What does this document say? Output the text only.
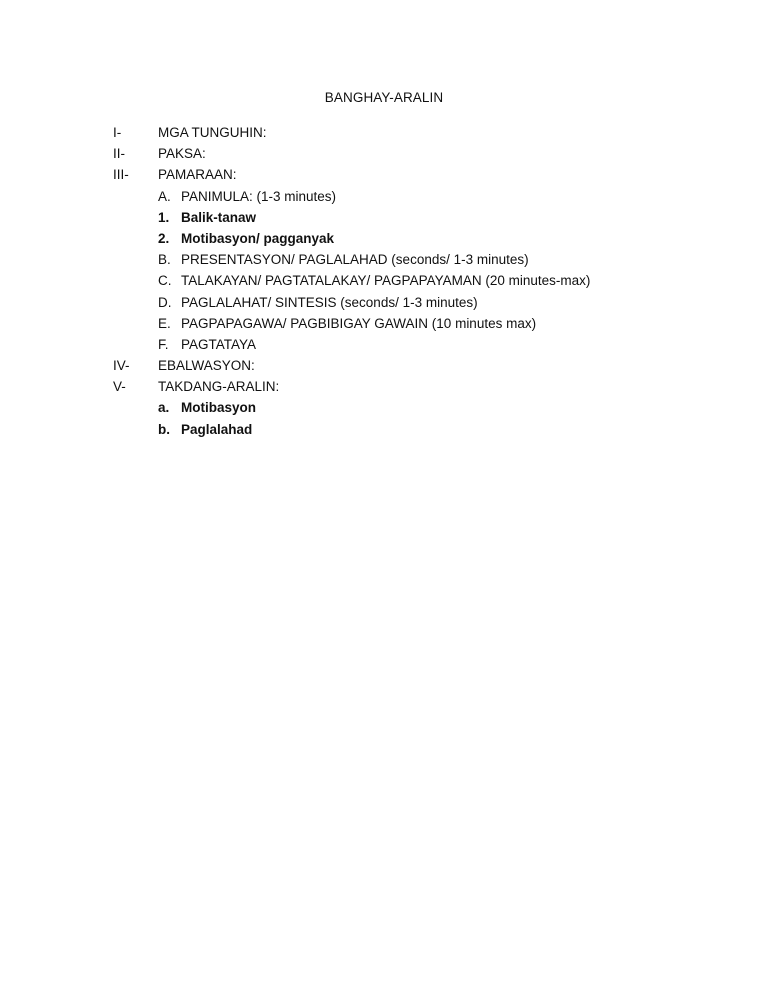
BANGHAY-ARALIN
I-	MGA TUNGUHIN:
II- PAKSA:
III- PAMARAAN:
A. PANIMULA: (1-3 minutes)
1. Balik-tanaw
2. Motibasyon/ pagganyak
B. PRESENTASYON/ PAGLALAHAD (seconds/ 1-3 minutes)
C. TALAKAYAN/ PAGTATALAKAY/ PAGPAPAYAMAN (20 minutes-max)
D. PAGLALAHAT/ SINTESIS (seconds/ 1-3 minutes)
E. PAGPAPAGAWA/ PAGBIBIGAY GAWAIN (10 minutes max)
F. PAGTATAYA
IV- EBALWASYON:
V- TAKDANG-ARALIN:
a. Motibasyon
b. Paglalahad
